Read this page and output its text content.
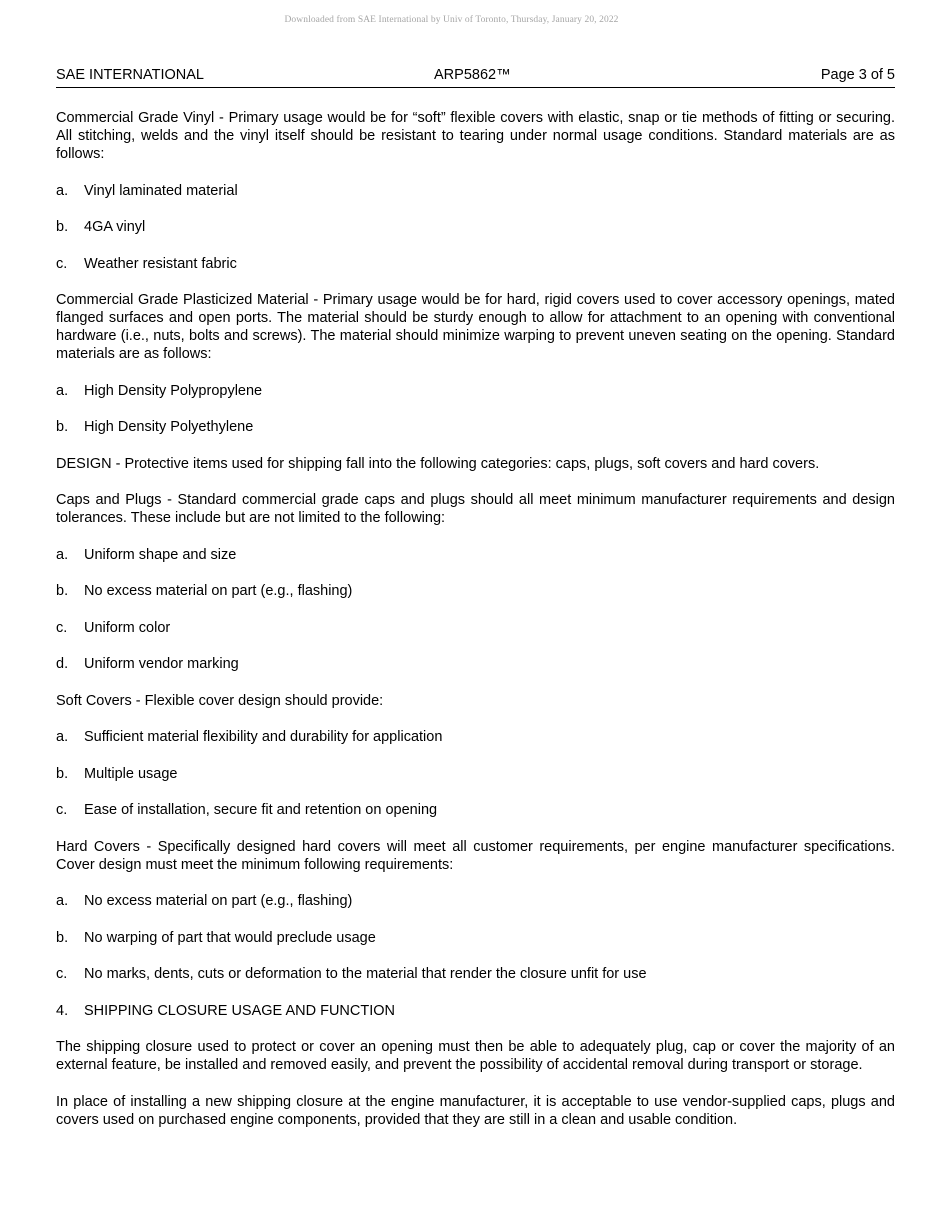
Downloaded from SAE International by Univ of Toronto, Thursday, January 20, 2022
SAE INTERNATIONAL	ARP5862™	Page 3 of 5

Commercial Grade Vinyl - Primary usage would be for “soft” flexible covers with elastic, snap or tie methods of fitting or securing. All stitching, welds and the vinyl itself should be resistant to tearing under normal usage conditions. Standard materials are as follows:

a. Vinyl laminated material
b. 4GA vinyl
c. Weather resistant fabric

Commercial Grade Plasticized Material - Primary usage would be for hard, rigid covers used to cover accessory openings, mated flanged surfaces and open ports. The material should be sturdy enough to allow for attachment to an opening with conventional hardware (i.e., nuts, bolts and screws). The material should minimize warping to prevent uneven seating on the opening. Standard materials are as follows:

a. High Density Polypropylene
b. High Density Polyethylene

DESIGN - Protective items used for shipping fall into the following categories: caps, plugs, soft covers and hard covers.

Caps and Plugs - Standard commercial grade caps and plugs should all meet minimum manufacturer requirements and design tolerances. These include but are not limited to the following:

a. Uniform shape and size
b. No excess material on part (e.g., flashing)
c. Uniform color
d. Uniform vendor marking

Soft Covers - Flexible cover design should provide:

a. Sufficient material flexibility and durability for application
b. Multiple usage
c. Ease of installation, secure fit and retention on opening

Hard Covers - Specifically designed hard covers will meet all customer requirements, per engine manufacturer specifications. Cover design must meet the minimum following requirements:

a. No excess material on part (e.g., flashing)
b. No warping of part that would preclude usage
c. No marks, dents, cuts or deformation to the material that render the closure unfit for use
4. SHIPPING CLOSURE USAGE AND FUNCTION

The shipping closure used to protect or cover an opening must then be able to adequately plug, cap or cover the majority of an external feature, be installed and removed easily, and prevent the possibility of accidental removal during transport or storage.

In place of installing a new shipping closure at the engine manufacturer, it is acceptable to use vendor-supplied caps, plugs and covers used on purchased engine components, provided that they are still in a clean and usable condition.
